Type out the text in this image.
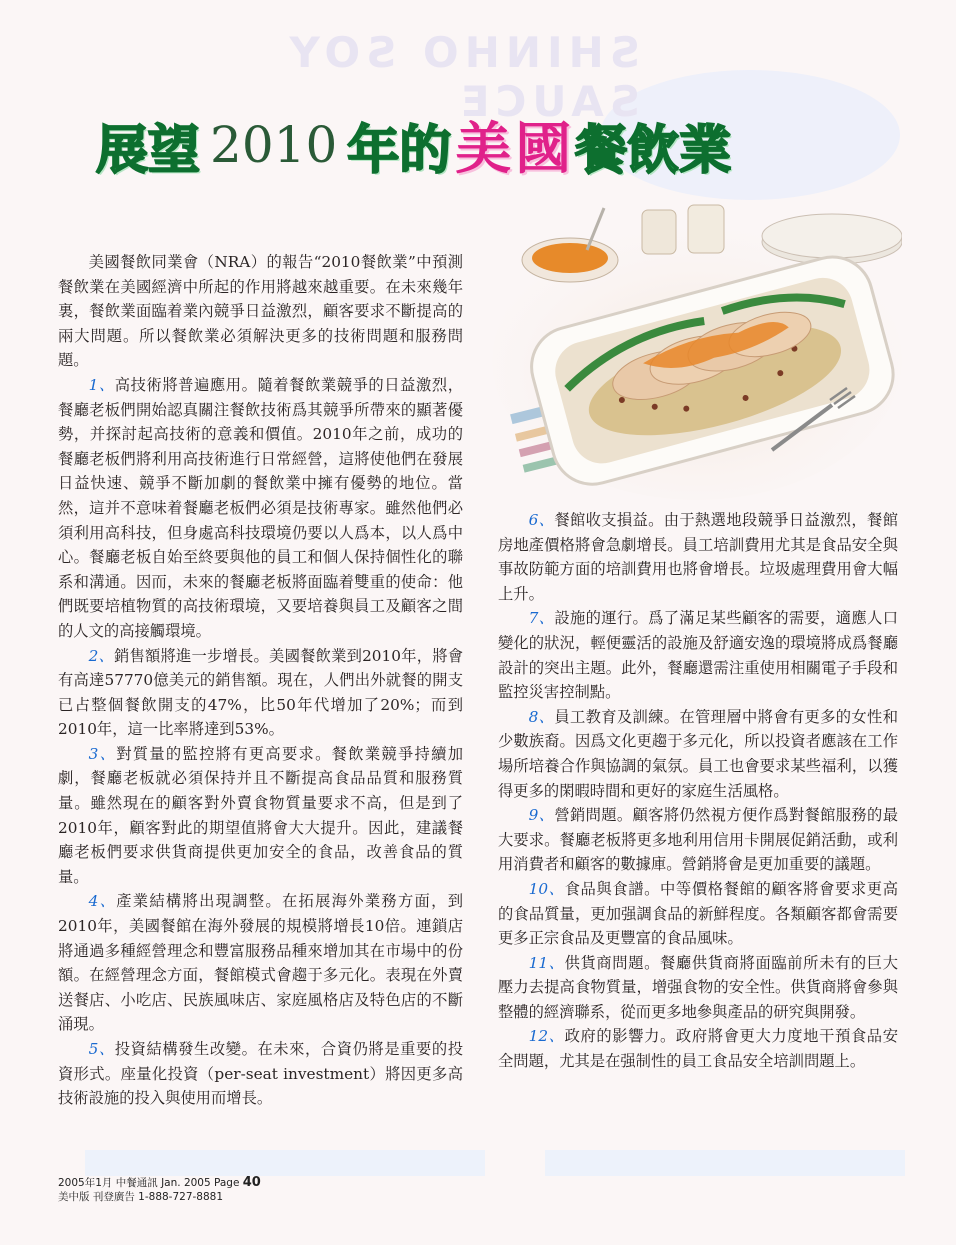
SHINHO SOY SAUCE
展望 2010 年的 美 國 餐飲業

美國餐飲同業會（NRA）的報告“2010餐飲業”中預測餐飲業在美國經濟中所起的作用將越來越重要。在未來幾年裏，餐飲業面臨着業內競爭日益激烈，顧客要求不斷提高的兩大問題。所以餐飲業必須解決更多的技術問題和服務問題。

1、高技術將普遍應用。隨着餐飲業競爭的日益激烈，餐廳老板們開始認真關注餐飲技術爲其競爭所帶來的顯著優勢，并探討起高技術的意義和價值。2010年之前，成功的餐廳老板們將利用高技術進行日常經營，這將使他們在發展日益快速、競爭不斷加劇的餐飲業中擁有優勢的地位。當然，這并不意味着餐廳老板們必須是技術專家。雖然他們必須利用高科技，但身處高科技環境仍要以人爲本，以人爲中心。餐廳老板自始至終要與他的員工和個人保持個性化的聯系和溝通。因而，未來的餐廳老板將面臨着雙重的使命：他們既要培植物質的高技術環境，又要培養與員工及顧客之間的人文的高接觸環境。

2、銷售額將進一步增長。美國餐飲業到2010年，將會有高達57770億美元的銷售額。現在，人們出外就餐的開支已占整個餐飲開支的47%，比50年代增加了20%；而到2010年，這一比率將達到53%。

3、對質量的監控將有更高要求。餐飲業競爭持續加劇，餐廳老板就必須保持并且不斷提高食品品質和服務質量。雖然現在的顧客對外賣食物質量要求不高，但是到了2010年，顧客對此的期望值將會大大提升。因此，建議餐廳老板們要求供貨商提供更加安全的食品，改善食品的質量。

4、產業結構將出現調整。在拓展海外業務方面，到2010年，美國餐館在海外發展的規模將增長10倍。連鎖店將通過多種經營理念和豐富服務品種來增加其在市場中的份額。在經營理念方面，餐館模式會趨于多元化。表現在外賣送餐店、小吃店、民族風味店、家庭風格店及特色店的不斷涌現。

5、投資結構發生改變。在未來，合資仍將是重要的投資形式。座量化投資（per-seat investment）將因更多高技術設施的投入與使用而增長。

6、餐館收支損益。由于熱選地段競爭日益激烈，餐館房地產價格將會急劇增長。員工培訓費用尤其是食品安全與事故防範方面的培訓費用也將會增長。垃圾處理費用會大幅上升。

7、設施的運行。爲了滿足某些顧客的需要，適應人口變化的狀況，輕便靈活的設施及舒適安逸的環境將成爲餐廳設計的突出主題。此外，餐廳還需注重使用相關電子手段和監控災害控制點。

8、員工教育及訓練。在管理層中將會有更多的女性和少數族裔。因爲文化更趨于多元化，所以投資者應該在工作場所培養合作與協調的氣氛。員工也會要求某些福利，以獲得更多的閑暇時間和更好的家庭生活風格。

9、營銷問題。顧客將仍然視方便作爲對餐館服務的最大要求。餐廳老板將更多地利用信用卡開展促銷活動，或利用消費者和顧客的數據庫。營銷將會是更加重要的議題。

10、食品與食譜。中等價格餐館的顧客將會要求更高的食品質量，更加强調食品的新鮮程度。各類顧客都會需要更多正宗食品及更豐富的食品風味。

11、供貨商問題。餐廳供貨商將面臨前所未有的巨大壓力去提高食物質量，增强食物的安全性。供貨商將會參與整體的經濟聯系，從而更多地參與產品的研究與開發。

12、政府的影響力。政府將會更大力度地干預食品安全問題，尤其是在强制性的員工食品安全培訓問題上。

2005年1月 中餐通訊 Jan. 2005 Page 40
美中版 刊登廣告 1-888-727-8881
